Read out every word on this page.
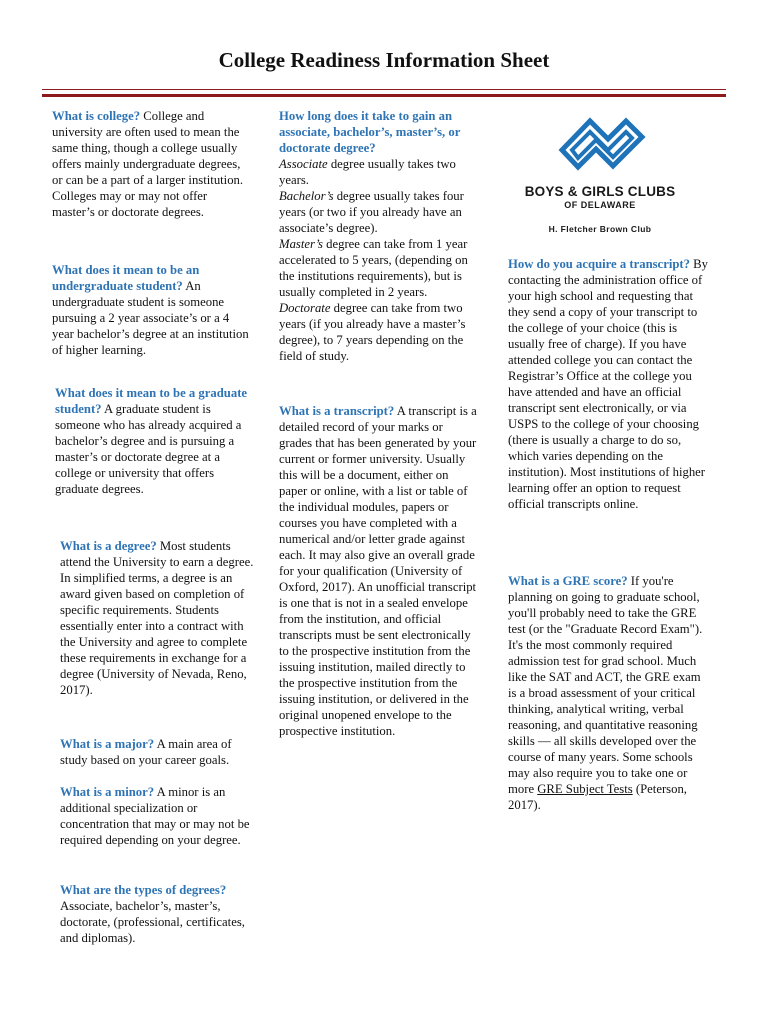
College Readiness Information Sheet

What is college? College and university are often used to mean the same thing, though a college usually offers mainly undergraduate degrees, or can be a part of a larger institution. Colleges may or may not offer master’s or doctorate degrees.

What does it mean to be an undergraduate student? An undergraduate student is someone pursuing a 2 year associate’s or a 4 year bachelor’s degree at an institution of higher learning.

What does it mean to be a graduate student? A graduate student is someone who has already acquired a bachelor’s degree and is pursuing a master’s or doctorate degree at a college or university that offers graduate degrees.

What is a degree? Most students attend the University to earn a degree. In simplified terms, a degree is an award given based on completion of specific requirements. Students essentially enter into a contract with the University and agree to complete these requirements in exchange for a degree (University of Nevada, Reno, 2017).

What is a major? A main area of study based on your career goals.

What is a minor? A minor is an additional specialization or concentration that may or may not be required depending on your degree.

What are the types of degrees? Associate, bachelor’s, master’s, doctorate, (professional, certificates, and diplomas).

How long does it take to gain an associate, bachelor’s, master’s, or doctorate degree?

Associate degree usually takes two years.

Bachelor’s degree usually takes four years (or two if you already have an associate’s degree).

Master’s degree can take from 1 year accelerated to 5 years, (depending on the institutions requirements), but is usually completed in 2 years.

Doctorate degree can take from two years (if you already have a master’s degree), to 7 years depending on the field of study.

What is a transcript? A transcript is a detailed record of your marks or grades that has been generated by your current or former university. Usually this will be a document, either on paper or online, with a list or table of the individual modules, papers or courses you have completed with a numerical and/or letter grade against each. It may also give an overall grade for your qualification (University of Oxford, 2017). An unofficial transcript is one that is not in a sealed envelope from the institution, and official transcripts must be sent electronically to the prospective institution from the issuing institution, mailed directly to the prospective institution from the issuing institution, or delivered in the original unopened envelope to the prospective institution.

BOYS & GIRLS CLUBS
OF DELAWARE
H. Fletcher Brown Club

How do you acquire a transcript? By contacting the administration office of your high school and requesting that they send a copy of your transcript to the college of your choice (this is usually free of charge). If you have attended college you can contact the Registrar’s Office at the college you have attended and have an official transcript sent electronically, or via USPS to the college of your choosing (there is usually a charge to do so, which varies depending on the institution). Most institutions of higher learning offer an option to request official transcripts online.

What is a GRE score? If you're planning on going to graduate school, you'll probably need to take the GRE test (or the "Graduate Record Exam"). It's the most commonly required admission test for grad school. Much like the SAT and ACT, the GRE exam is a broad assessment of your critical thinking, analytical writing, verbal reasoning, and quantitative reasoning skills — all skills developed over the course of many years. Some schools may also require you to take one or more GRE Subject Tests (Peterson, 2017).
